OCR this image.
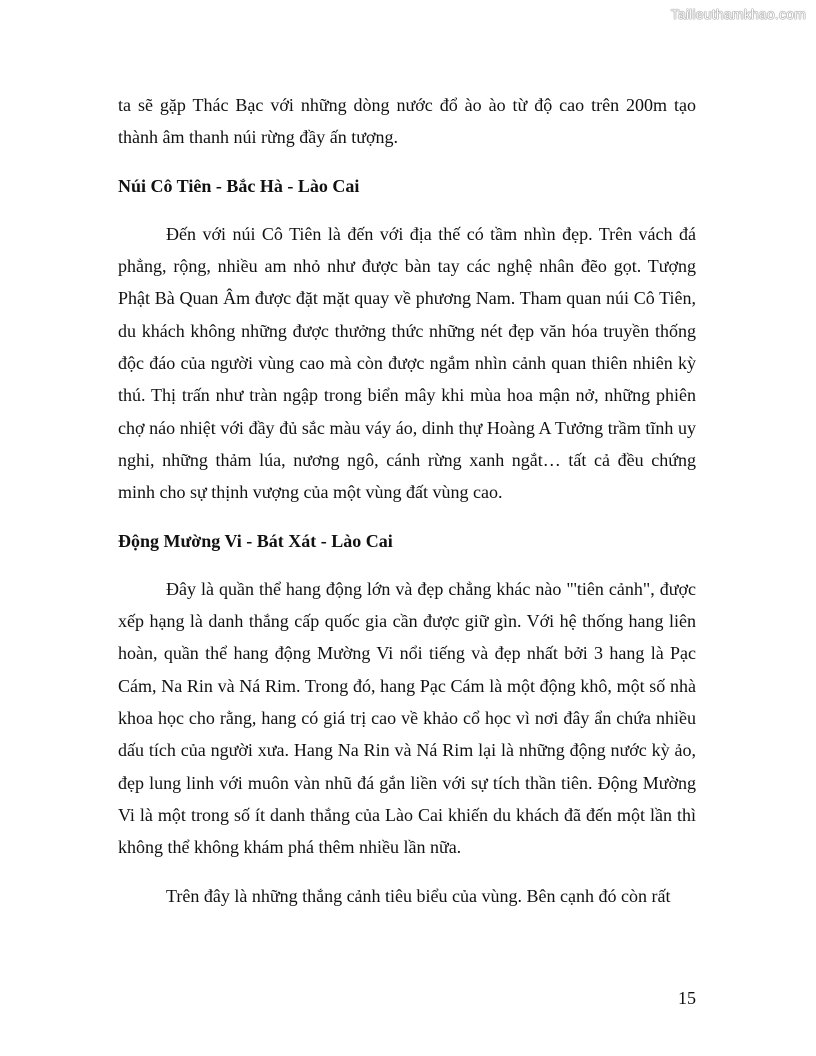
Tailieuthamkhao.com

ta sẽ gặp Thác Bạc với những dòng nước đổ ào ào từ độ cao trên 200m tạo thành âm thanh núi rừng đầy ấn tượng.

Núi Cô Tiên - Bắc Hà - Lào Cai

Đến với núi Cô Tiên là đến với địa thế có tầm nhìn đẹp. Trên vách đá phẳng, rộng, nhiều am nhỏ như được bàn tay các nghệ nhân đẽo gọt. Tượng Phật Bà Quan Âm được đặt mặt quay về phương Nam. Tham quan núi Cô Tiên, du khách không những được thưởng thức những nét đẹp văn hóa truyền thống độc đáo của người vùng cao mà còn được ngắm nhìn cảnh quan thiên nhiên kỳ thú. Thị trấn như tràn ngập trong biển mây khi mùa hoa mận nở, những phiên chợ náo nhiệt với đầy đủ sắc màu váy áo, dinh thự Hoàng A Tưởng trầm tĩnh uy nghi, những thảm lúa, nương ngô, cánh rừng xanh ngắt… tất cả đều chứng minh cho sự thịnh vượng của một vùng đất vùng cao.

Động Mường Vi - Bát Xát - Lào Cai

Đây là quần thể hang động lớn và đẹp chẳng khác nào "'tiên cảnh", được xếp hạng là danh thắng cấp quốc gia cần được giữ gìn. Với hệ thống hang liên hoàn, quần thể hang động Mường Vi nổi tiếng và đẹp nhất bởi 3 hang là Pạc Cám, Na Rin và Ná Rim. Trong đó, hang Pạc Cám là một động khô, một số nhà khoa học cho rằng, hang có giá trị cao về khảo cổ học vì nơi đây ẩn chứa nhiều dấu tích của người xưa. Hang Na Rin và Ná Rim lại là những động nước kỳ ảo, đẹp lung linh với muôn vàn nhũ đá gắn liền với sự tích thần tiên. Động Mường Vi là một trong số ít danh thắng của Lào Cai khiến du khách đã đến một lần thì không thể không khám phá thêm nhiều lần nữa.

Trên đây là những thắng cảnh tiêu biểu của vùng. Bên cạnh đó còn rất

15
